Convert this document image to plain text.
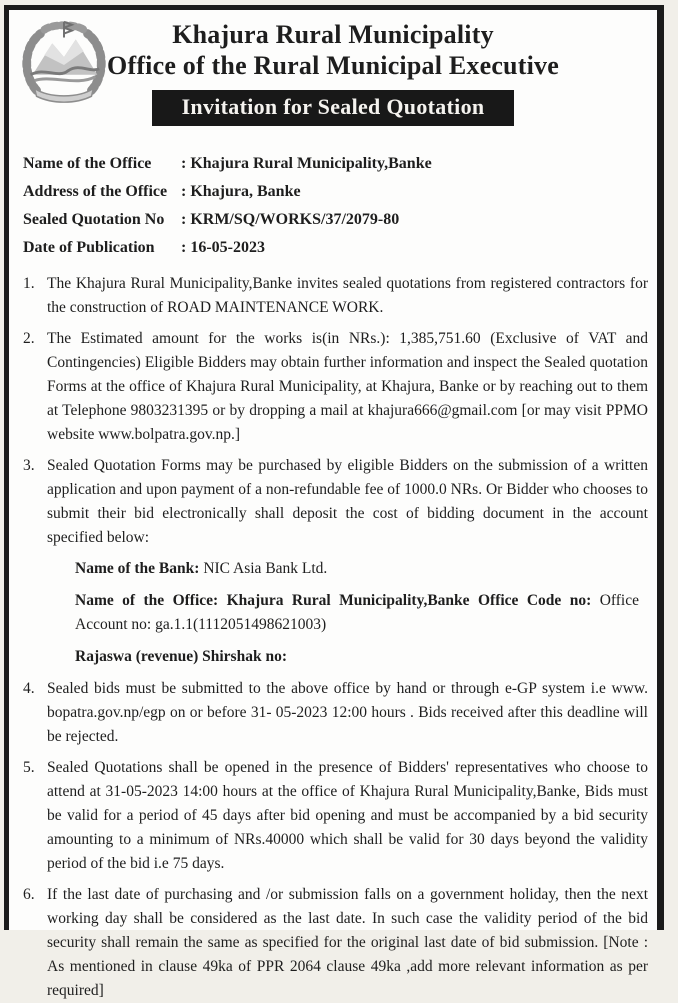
Khajura Rural Municipality
Office of the Rural Municipal Executive
Invitation for Sealed Quotation
Name of the Office	: Khajura Rural Municipality,Banke
Address of the Office : Khajura, Banke
Sealed Quotation No	: KRM/SQ/WORKS/37/2079-80
Date of Publication	: 16-05-2023
1. The Khajura Rural Municipality,Banke invites sealed quotations from registered contractors for the construction of ROAD MAINTENANCE WORK.
2. The Estimated amount for the works is(in NRs.): 1,385,751.60 (Exclusive of VAT and Contingencies) Eligible Bidders may obtain further information and inspect the Sealed quotation Forms at the office of Khajura Rural Municipality, at Khajura, Banke or by reaching out to them at Telephone 9803231395 or by dropping a mail at khajura666@gmail.com [or may visit PPMO website www.bolpatra.gov.np.]
3. Sealed Quotation Forms may be purchased by eligible Bidders on the submission of a written application and upon payment of a non-refundable fee of 1000.0 NRs. Or Bidder who chooses to submit their bid electronically shall deposit the cost of bidding document in the account specified below:
Name of the Bank: NIC Asia Bank Ltd.
Name of the Office: Khajura Rural Municipality,Banke Office Code no: Office Account no: ga.1.1(1112051498621003)
Rajaswa (revenue) Shirshak no:
4. Sealed bids must be submitted to the above office by hand or through e-GP system i.e www. bopatra.gov.np/egp on or before 31- 05-2023 12:00 hours . Bids received after this deadline will be rejected.
5. Sealed Quotations shall be opened in the presence of Bidders' representatives who choose to attend at 31-05-2023 14:00 hours at the office of Khajura Rural Municipality,Banke, Bids must be valid for a period of 45 days after bid opening and must be accompanied by a bid security amounting to a minimum of NRs.40000 which shall be valid for 30 days beyond the validity period of the bid i.e 75 days.
6. If the last date of purchasing and /or submission falls on a government holiday, then the next working day shall be considered as the last date. In such case the validity period of the bid security shall remain the same as specified for the original last date of bid submission. [Note : As mentioned in clause 49ka of PPR 2064 clause 49ka ,add more relevant information as per required]
